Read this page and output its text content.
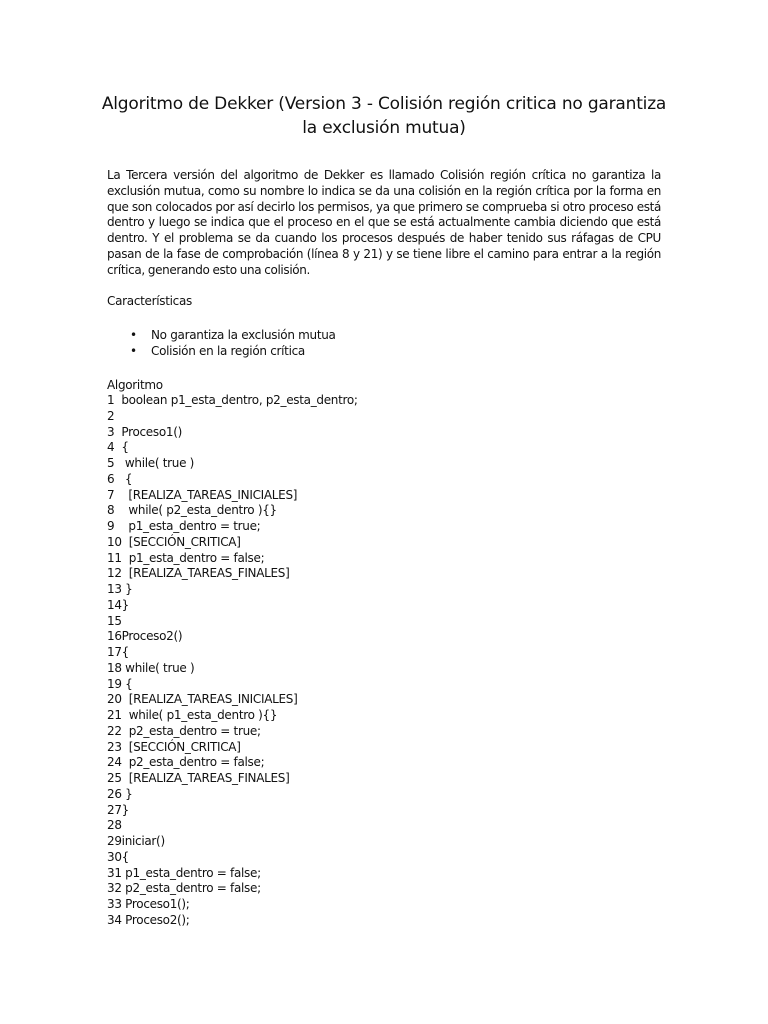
Algoritmo de Dekker (Version 3 - Colisión región critica no garantiza la exclusión mutua)
La Tercera versión del algoritmo de Dekker es llamado Colisión región crítica no garantiza la exclusión mutua, como su nombre lo indica se da una colisión en la región crítica por la forma en que son colocados por así decirlo los permisos, ya que primero se comprueba si otro proceso está dentro y luego se indica que el proceso en el que se está actualmente cambia diciendo que está dentro. Y el problema se da cuando los procesos después de haber tenido sus ráfagas de CPU pasan de la fase de comprobación (línea 8 y 21) y se tiene libre el camino para entrar a la región crítica, generando esto una colisión.
Características
• No garantiza la exclusión mutua
• Colisión en la región crítica
Algoritmo
1  boolean p1_esta_dentro, p2_esta_dentro;
2
3  Proceso1()
4  {
5   while( true )
6   {
7    [REALIZA_TAREAS_INICIALES]
8    while( p2_esta_dentro ){}
9    p1_esta_dentro = true;
10  [SECCIÓN_CRITICA]
11  p1_esta_dentro = false;
12  [REALIZA_TAREAS_FINALES]
13 }
14}
15
16Proceso2()
17{
18 while( true )
19 {
20  [REALIZA_TAREAS_INICIALES]
21  while( p1_esta_dentro ){}
22  p2_esta_dentro = true;
23  [SECCIÓN_CRITICA]
24  p2_esta_dentro = false;
25  [REALIZA_TAREAS_FINALES]
26 }
27}
28
29iniciar()
30{
31 p1_esta_dentro = false;
32 p2_esta_dentro = false;
33 Proceso1();
34 Proceso2();
